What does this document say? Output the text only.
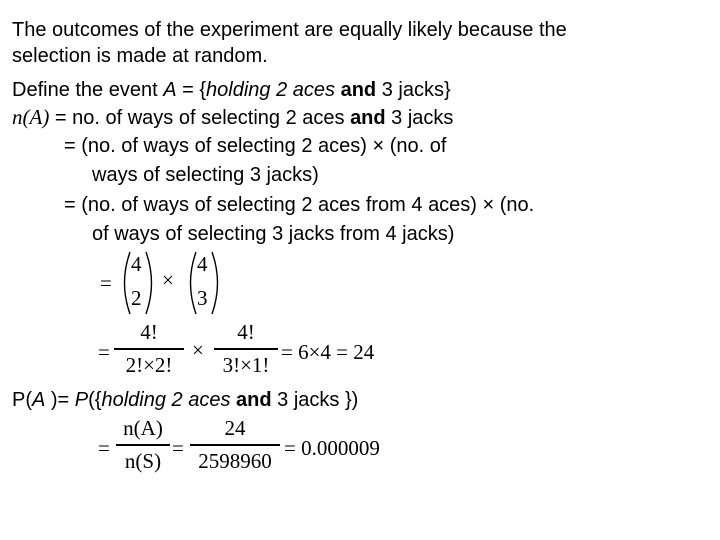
The outcomes of the experiment are equally likely because the
selection is made at random.
Define the event A = {holding 2 aces and 3 jacks}
n(A) = no. of ways of selecting 2 aces and 3 jacks
= (no. of ways of selecting 2 aces) × (no. of
ways of selecting 3 jacks)
= (no. of ways of selecting 2 aces from 4 aces) × (no.
of ways of selecting 3 jacks from 4 jacks)
=
4
2
×
4
3
=
4!
2!×2!
×
4!
3!×1!
= 6×4 = 24
P(A )= P({holding 2 aces and 3 jacks })
=
n(A)
n(S)
=
24
2598960
= 0.000009
